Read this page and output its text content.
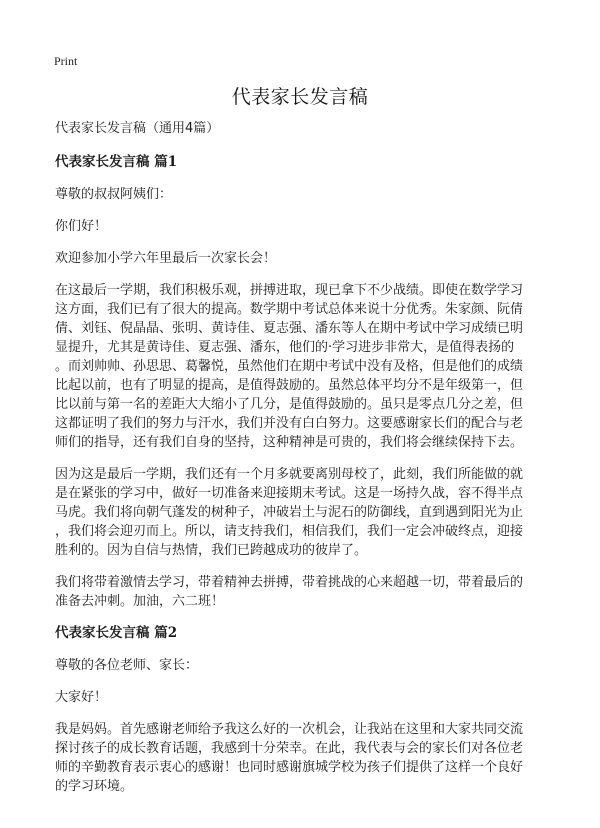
Print
代表家长发言稿

代表家长发言稿（通用4篇）

代表家长发言稿 篇1

尊敬的叔叔阿姨们：

你们好！

欢迎参加小学六年里最后一次家长会！

在这最后一学期，我们积极乐观，拼搏进取，现已拿下不少战绩。即使在数学学习
这方面，我们已有了很大的提高。数学期中考试总体来说十分优秀。朱家颜、阮倩
倩、刘钰、倪晶晶、张明、黄诗佳、夏志强、潘东等人在期中考试中学习成绩已明
显提升，尤其是黄诗佳、夏志强、潘东，他们的·学习进步非常大，是值得表扬的
。而刘帅帅、孙思思、葛馨悦，虽然他们在期中考试中没有及格，但是他们的成绩
比起以前，也有了明显的提高，是值得鼓励的。虽然总体平均分不是年级第一，但
比以前与第一名的差距大大缩小了几分，是值得鼓励的。虽只是零点几分之差，但
这都证明了我们的努力与汗水，我们并没有白白努力。这要感谢家长们的配合与老
师们的指导，还有我们自身的坚持，这种精神是可贵的，我们将会继续保持下去。

因为这是最后一学期，我们还有一个月多就要离别母校了，此刻，我们所能做的就
是在紧张的学习中，做好一切准备来迎接期末考试。这是一场持久战，容不得半点
马虎。我们将向朝气蓬发的树种子，冲破岩土与泥石的防御线，直到遇到阳光为止
，我们将会迎刃而上。所以，请支持我们，相信我们，我们一定会冲破终点，迎接
胜利的。因为自信与热情，我们已跨越成功的彼岸了。

我们将带着激情去学习，带着精神去拼搏，带着挑战的心来超越一切，带着最后的
准备去冲刺。加油，六二班！

代表家长发言稿 篇2

尊敬的各位老师、家长：

大家好！

我是妈妈。首先感谢老师给予我这么好的一次机会，让我站在这里和大家共同交流
探讨孩子的成长教育话题，我感到十分荣幸。在此，我代表与会的家长们对各位老
师的辛勤教育表示衷心的感谢！也同时感谢旗城学校为孩子们提供了这样一个良好
的学习环境。
